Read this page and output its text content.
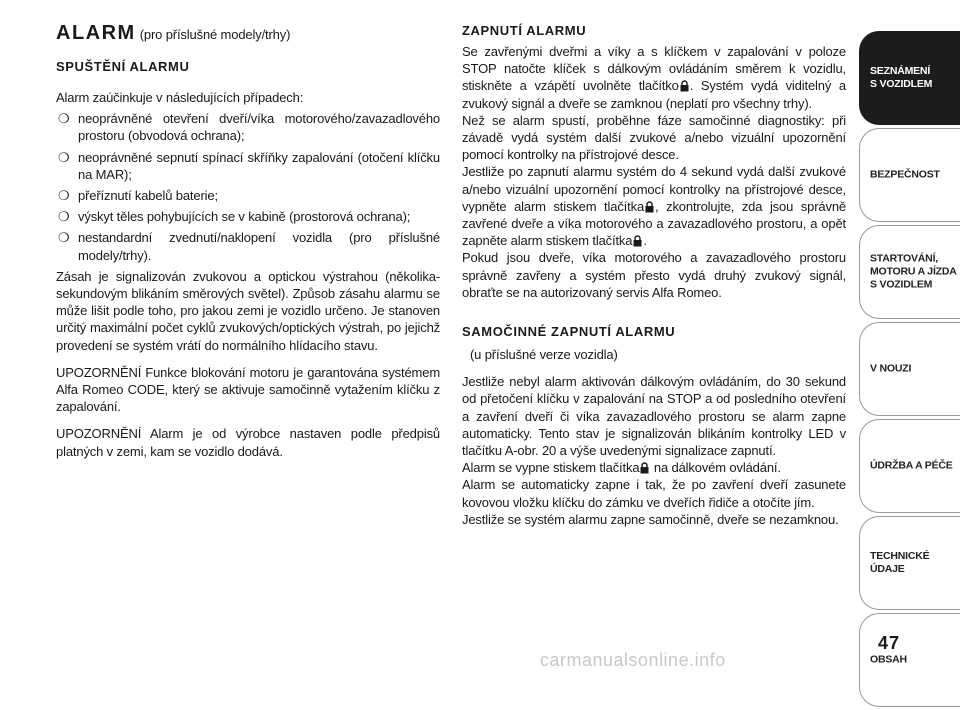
ALARM (pro příslušné modely/trhy)
SPUŠTĚNÍ ALARMU

Alarm zaúčinkuje v následujících případech:

❍ neoprávněné otevření dveří/víka motorového/zavazadlového prostoru (obvodová ochrana);
❍ neoprávněné sepnutí spínací skříňky zapalování (otočení klíčku na MAR);
❍ přeříznutí kabelů baterie;
❍ výskyt těles pohybujících se v kabině (prostorová ochrana);
❍ nestandardní zvednutí/naklopení vozidla (pro příslušné modely/trhy).

Zásah je signalizován zvukovou a optickou výstrahou (několika-sekundovým blikáním směrových světel). Způsob zásahu alarmu se může lišit podle toho, pro jakou zemi je vozidlo určeno. Je stanoven určitý maximální počet cyklů zvukových/optických výstrah, po jejichž provedení se systém vrátí do normálního hlídacího stavu.

UPOZORNĚNÍ Funkce blokování motoru je garantována systémem Alfa Romeo CODE, který se aktivuje samočinně vytažením klíčku z zapalování.

UPOZORNĚNÍ Alarm je od výrobce nastaven podle předpisů platných v zemi, kam se vozidlo dodává.

ZAPNUTÍ ALARMU

Se zavřenými dveřmi a víky a s klíčkem v zapalování v poloze STOP natočte klíček s dálkovým ovládáním směrem k vozidlu, stiskněte a vzápětí uvolněte tlačítko . Systém vydá viditelný a zvukový signál a dveře se zamknou (neplatí pro všechny trhy).

Než se alarm spustí, proběhne fáze samočinné diagnostiky: při závadě vydá systém další zvukové a/nebo vizuální upozornění pomocí kontrolky na přístrojové desce.

Jestliže po zapnutí alarmu systém do 4 sekund vydá další zvukové a/nebo vizuální upozornění pomocí kontrolky na přístrojové desce, vypněte alarm stiskem tlačítka , zkontrolujte, zda jsou správně zavřené dveře a víka motorového a zavazadlového prostoru, a opět zapněte alarm stiskem tlačítka .

Pokud jsou dveře, víka motorového a zavazadlového prostoru správně zavřeny a systém přesto vydá druhý zvukový signál, obraťte se na autorizovaný servis Alfa Romeo.

SAMOČINNÉ ZAPNUTÍ ALARMU

(u příslušné verze vozidla)

Jestliže nebyl alarm aktivován dálkovým ovládáním, do 30 sekund od přetočení klíčku v zapalování na STOP a od posledního otevření a zavření dveří či víka zavazadlového prostoru se alarm zapne automaticky. Tento stav je signalizován blikáním kontrolky LED v tlačítku A-obr. 20 a výše uvedenými signalizace zapnutí.

Alarm se vypne stiskem tlačítka na dálkovém ovládání.

Alarm se automaticky zapne i tak, že po zavření dveří zasunete kovovou vložku klíčku do zámku ve dveřích řidiče a otočíte jím.

Jestliže se systém alarmu zapne samočinně, dveře se nezamknou.

SEZNÁMENÍ
S VOZIDLEM
BEZPEČNOST
STARTOVÁNÍ,
MOTORU A JÍZDA
S VOZIDLEM
V NOUZI
ÚDRŽBA A PÉČE
TECHNICKÉ
ÚDAJE
OBSAH
47
carmanualsonline.info
